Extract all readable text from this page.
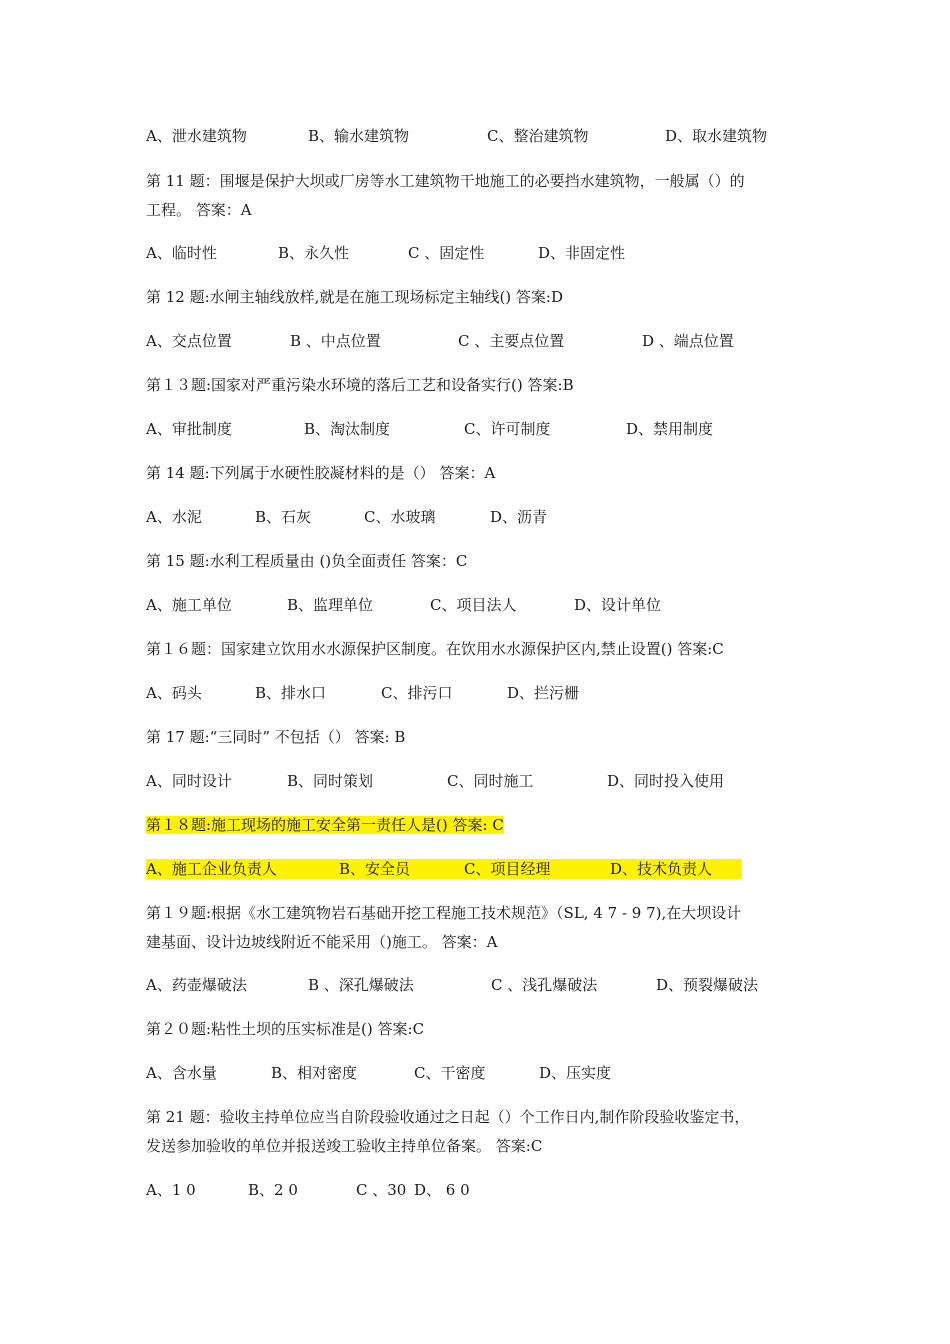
A、泄水建筑物	B、输水建筑物	C、整治建筑物	D、取水建筑物
第 11 题：围堰是保护大坝或厂房等水工建筑物干地施工的必要挡水建筑物，一般属（）的
工程。 答案：A
A、临时性	B、永久性	C 、固定性	D、非固定性
第 12 题:水闸主轴线放样,就是在施工现场标定主轴线() 答案:D
A、交点位置	B 、中点位置	C 、主要点位置	D 、端点位置
第１３题:国家对严重污染水环境的落后工艺和设备实行() 答案:B
A、审批制度	B、淘汰制度	C、许可制度	D、禁用制度
第 14 题:下列属于水硬性胶凝材料的是（） 答案：A
A、水泥	B、石灰	C、水玻璃	D、沥青
第 15 题:水利工程质量由 ()负全面责任 答案：C
A、施工单位	B、监理单位	C、项目法人	D、设计单位
第１６题：国家建立饮用水水源保护区制度。在饮用水水源保护区内,禁止设置() 答案:C
A、码头	B、排水口	C、排污口	D、拦污栅
第 17 题:“三同时” 不包括（） 答案: B
A、同时设计	B、同时策划	C、同时施工	D、同时投入使用
第１８题:施工现场的施工安全第一责任人是() 答案: C
A、施工企业负责人	B、安全员	C、项目经理	D、技术负责人
第１９题:根据《水工建筑物岩石基础开挖工程施工技术规范》（SL, 4 7 - 9 7),在大坝设计
建基面、设计边坡线附近不能采用（)施工。 答案：A
A、药壶爆破法	B 、深孔爆破法	C 、浅孔爆破法	D、预裂爆破法
第２０题:粘性土坝的压实标准是() 答案:C
A、含水量	B、相对密度	C、干密度	D、压实度
第 21 题：验收主持单位应当自阶段验收通过之日起（）个工作日内,制作阶段验收鉴定书，
发送参加验收的单位并报送竣工验收主持单位备案。 答案:C
A、1 0	B、2 0	C 、30 D、 6 0
